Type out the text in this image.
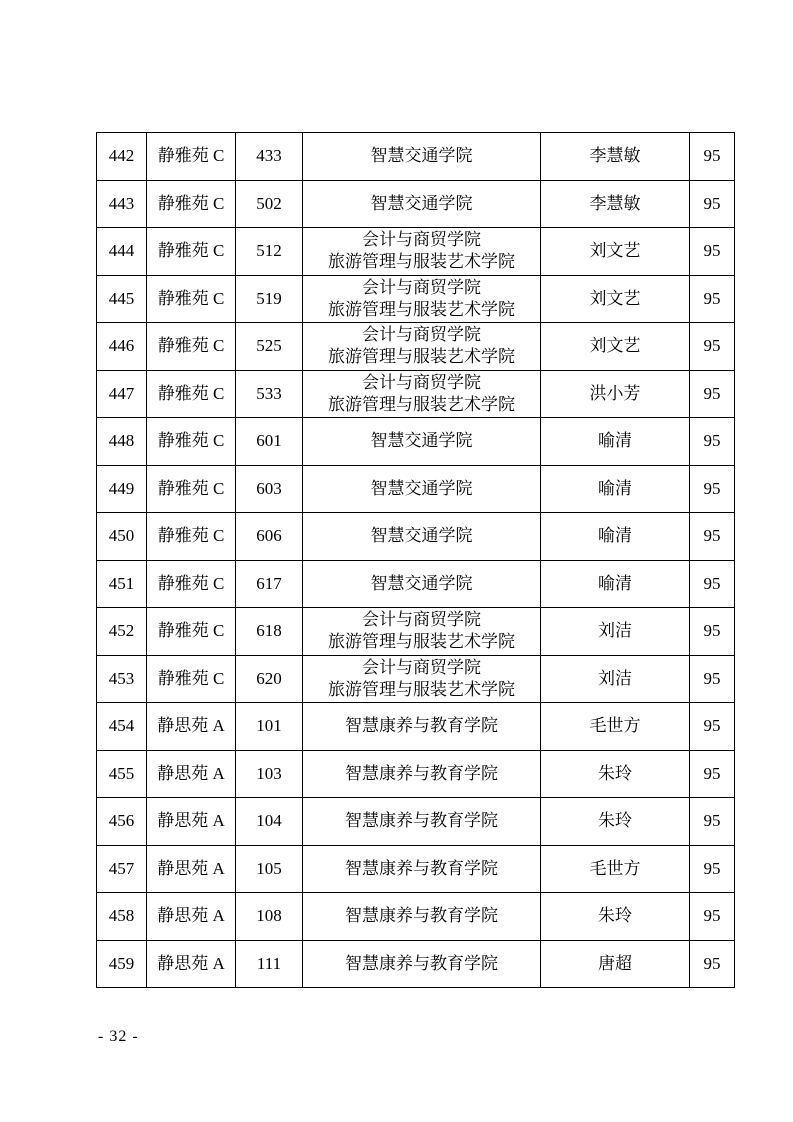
442	静雅苑 C	433	智慧交通学院	李慧敏	95
443	静雅苑 C	502	智慧交通学院	李慧敏	95
444	静雅苑 C	512	会计与商贸学院
旅游管理与服装艺术学院	刘文艺	95
445	静雅苑 C	519	会计与商贸学院
旅游管理与服装艺术学院	刘文艺	95
446	静雅苑 C	525	会计与商贸学院
旅游管理与服装艺术学院	刘文艺	95
447	静雅苑 C	533	会计与商贸学院
旅游管理与服装艺术学院	洪小芳	95
448	静雅苑 C	601	智慧交通学院	喻清	95
449	静雅苑 C	603	智慧交通学院	喻清	95
450	静雅苑 C	606	智慧交通学院	喻清	95
451	静雅苑 C	617	智慧交通学院	喻清	95
452	静雅苑 C	618	会计与商贸学院
旅游管理与服装艺术学院	刘洁	95
453	静雅苑 C	620	会计与商贸学院
旅游管理与服装艺术学院	刘洁	95
454	静思苑 A	101	智慧康养与教育学院	毛世方	95
455	静思苑 A	103	智慧康养与教育学院	朱玲	95
456	静思苑 A	104	智慧康养与教育学院	朱玲	95
457	静思苑 A	105	智慧康养与教育学院	毛世方	95
458	静思苑 A	108	智慧康养与教育学院	朱玲	95
459	静思苑 A	111	智慧康养与教育学院	唐超	95
- 32 -
